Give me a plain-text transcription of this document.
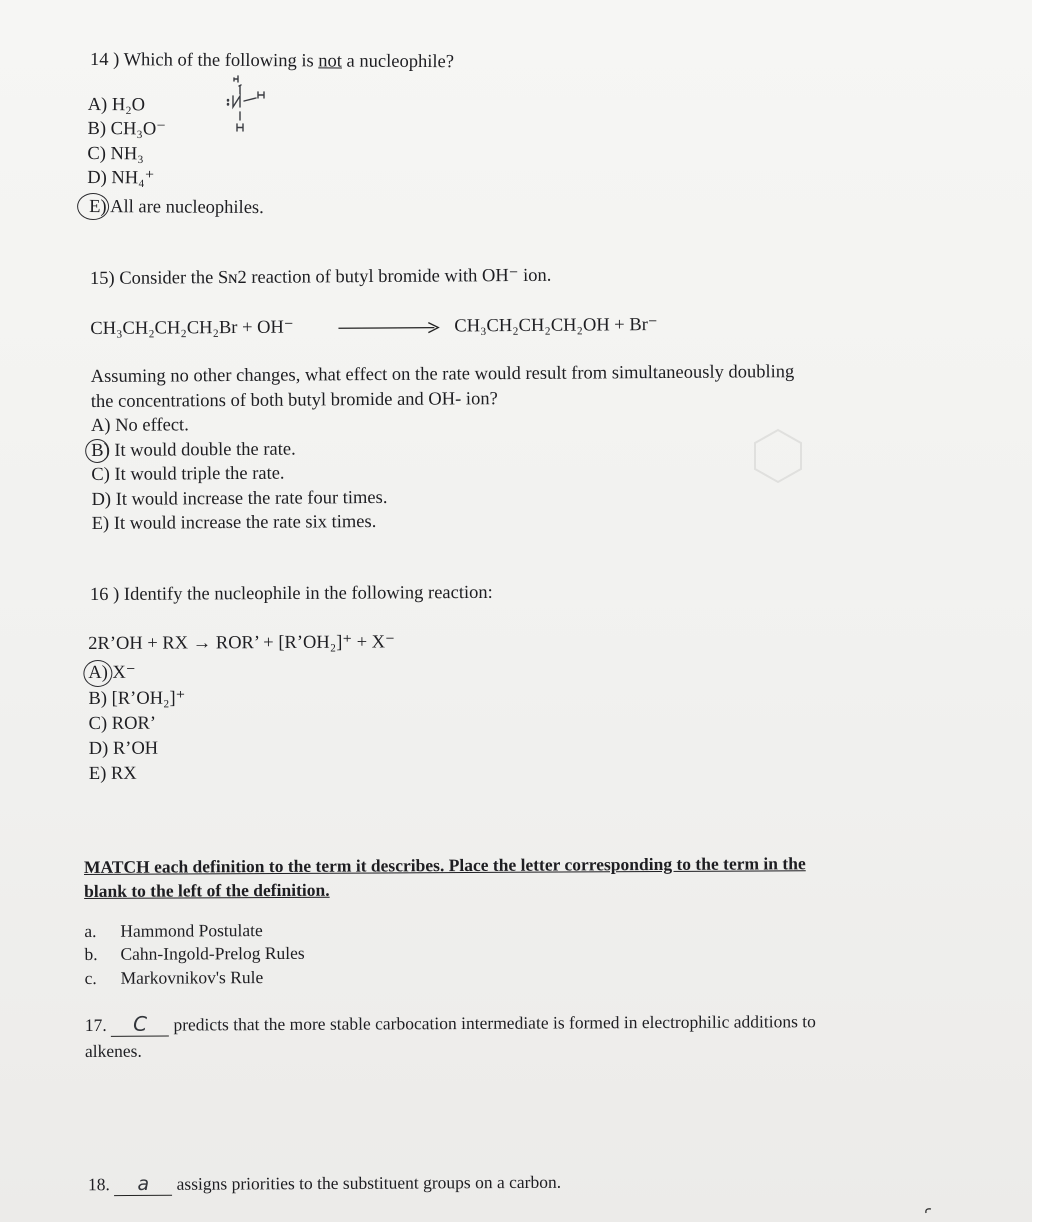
14 ) Which of the following is not a nucleophile?
A) H₂O
B) CH₃O⁻
C) NH₃
D) NH₄⁺
E) All are nucleophiles.
15) Consider the Sɴ2 reaction of butyl bromide with OH⁻ ion.
CH₃CH₂CH₂CH₂Br + OH⁻	CH₃CH₂CH₂CH₂OH + Br⁻
Assuming no other changes, what effect on the rate would result from simultaneously doubling
the concentrations of both butyl bromide and OH- ion?
A) No effect.
B) It would double the rate.
C) It would triple the rate.
D) It would increase the rate four times.
E) It would increase the rate six times.
16 ) Identify the nucleophile in the following reaction:
2R’OH + RX → ROR’ + [R’OH₂]⁺ + X⁻
A) X⁻
B) [R’OH₂]⁺
C) ROR’
D) R’OH
E) RX
MATCH each definition to the term it describes. Place the letter corresponding to the term in the
blank to the left of the definition.
a. Hammond Postulate
b. Cahn-Ingold-Prelog Rules
c. Markovnikov's Rule
17. C predicts that the more stable carbocation intermediate is formed in electrophilic additions to
alkenes.
18. a assigns priorities to the substituent groups on a carbon.
